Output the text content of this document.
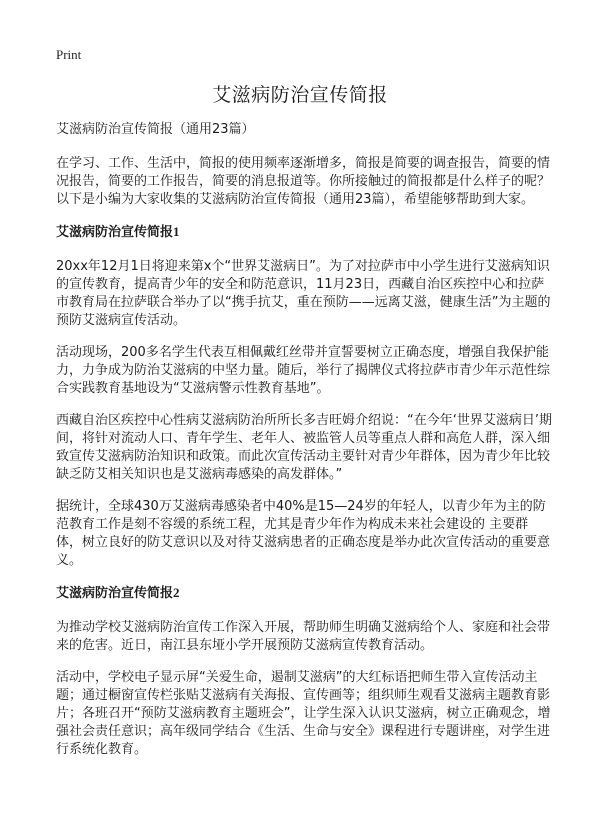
Print
艾滋病防治宣传简报

艾滋病防治宣传简报（通用23篇）

在学习、工作、生活中，简报的使用频率逐渐增多，简报是简要的调查报告，简要的情况报告，简要的工作报告，简要的消息报道等。你所接触过的简报都是什么样子的呢？以下是小编为大家收集的艾滋病防治宣传简报（通用23篇），希望能够帮助到大家。

艾滋病防治宣传简报1

20xx年12月1日将迎来第x个“世界艾滋病日”。为了对拉萨市中小学生进行艾滋病知识的宣传教育，提高青少年的安全和防范意识，11月23日，西藏自治区疾控中心和拉萨市教育局在拉萨联合举办了以“携手抗艾，重在预防——远离艾滋，健康生活”为主题的预防艾滋病宣传活动。

活动现场，200多名学生代表互相佩戴红丝带并宣誓要树立正确态度，增强自我保护能力，力争成为防治艾滋病的中坚力量。随后，举行了揭牌仪式将拉萨市青少年示范性综合实践教育基地设为“艾滋病警示性教育基地”。

西藏自治区疾控中心性病艾滋病防治所所长多吉旺姆介绍说：“在今年‘世界艾滋病日’期间，将针对流动人口、青年学生、老年人、被监管人员等重点人群和高危人群，深入细致宣传艾滋病防治知识和政策。而此次宣传活动主要针对青少年群体，因为青少年比较缺乏防艾相关知识也是艾滋病毒感染的高发群体。”

据统计，全球430万艾滋病毒感染者中40%是15—24岁的年轻人，以青少年为主的防范教育工作是刻不容缓的系统工程，尤其是青少年作为构成未来社会建设的 主要群体，树立良好的防艾意识以及对待艾滋病患者的正确态度是举办此次宣传活动的重要意义。

艾滋病防治宣传简报2

为推动学校艾滋病防治宣传工作深入开展，帮助师生明确艾滋病给个人、家庭和社会带来的危害。近日，南江县东垭小学开展预防艾滋病宣传教育活动。

活动中，学校电子显示屏“关爱生命，遏制艾滋病”的大红标语把师生带入宣传活动主题；通过橱窗宣传栏张贴艾滋病有关海报、宣传画等；组织师生观看艾滋病主题教育影片；各班召开“预防艾滋病教育主题班会”，让学生深入认识艾滋病，树立正确观念，增强社会责任意识；高年级同学结合《生活、生命与安全》课程进行专题讲座，对学生进行系统化教育。
